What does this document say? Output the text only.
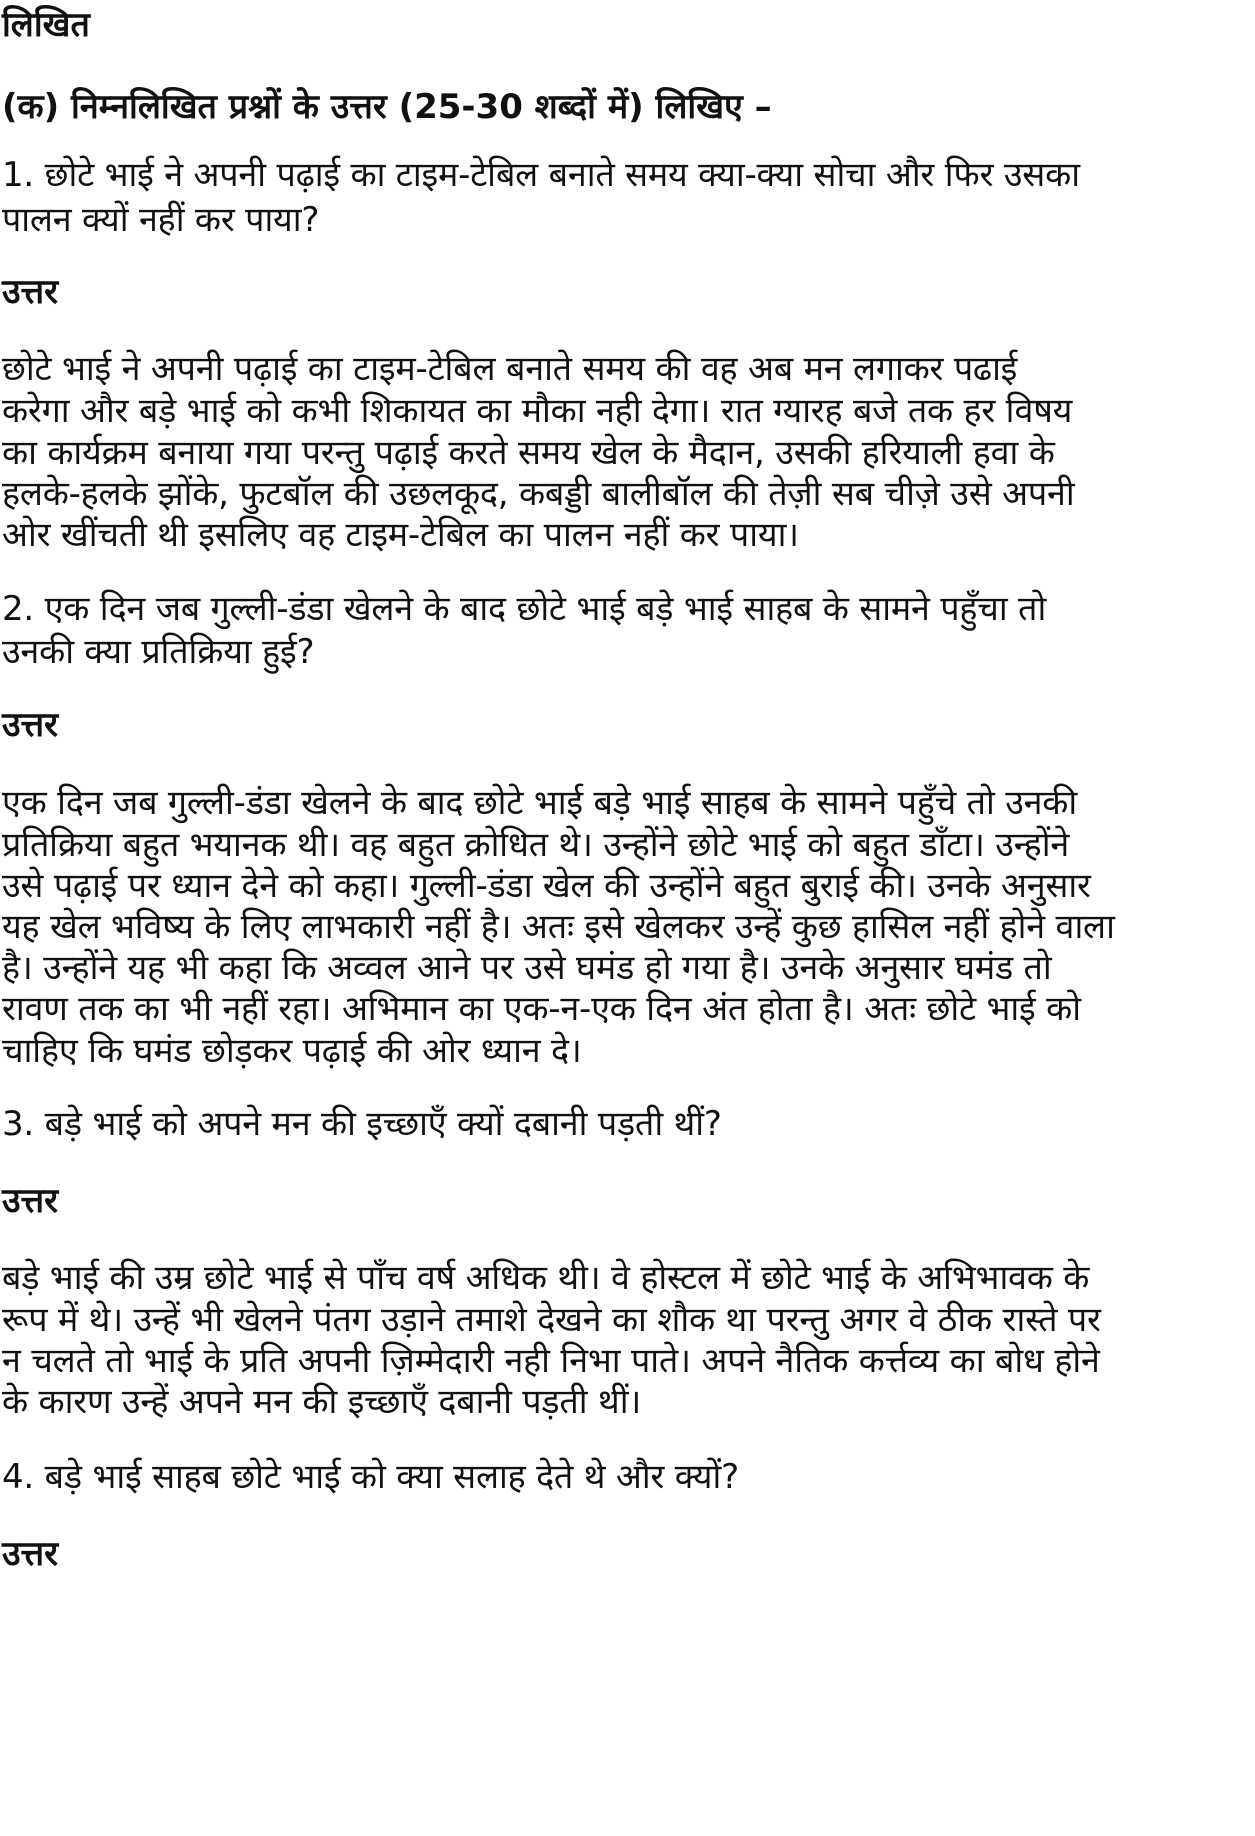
लिखित
(क) निम्नलिखित प्रश्नों के उत्तर (25-30 शब्दों में) लिखिए –
1. छोटे भाई ने अपनी पढ़ाई का टाइम-टेबिल बनाते समय क्या-क्या सोचा और फिर उसका
पालन क्यों नहीं कर पाया?
उत्तर
छोटे भाई ने अपनी पढ़ाई का टाइम-टेबिल बनाते समय की वह अब मन लगाकर पढाई
करेगा और बड़े भाई को कभी शिकायत का मौका नही देगा। रात ग्यारह बजे तक हर विषय
का कार्यक्रम बनाया गया परन्तु पढ़ाई करते समय खेल के मैदान, उसकी हरियाली हवा के
हलके-हलके झोंके, फुटबॉल की उछलकूद, कबड्डी बालीबॉल की तेज़ी सब चीज़े उसे अपनी
ओर खींचती थी इसलिए वह टाइम-टेबिल का पालन नहीं कर पाया।
2. एक दिन जब गुल्ली-डंडा खेलने के बाद छोटे भाई बड़े भाई साहब के सामने पहुँचा तो
उनकी क्या प्रतिक्रिया हुई?
उत्तर
एक दिन जब गुल्ली-डंडा खेलने के बाद छोटे भाई बड़े भाई साहब के सामने पहुँचे तो उनकी
प्रतिक्रिया बहुत भयानक थी। वह बहुत क्रोधित थे। उन्होंने छोटे भाई को बहुत डाँटा। उन्होंने
उसे पढ़ाई पर ध्यान देने को कहा। गुल्ली-डंडा खेल की उन्होंने बहुत बुराई की। उनके अनुसार
यह खेल भविष्य के लिए लाभकारी नहीं है। अतः इसे खेलकर उन्हें कुछ हासिल नहीं होने वाला
है। उन्होंने यह भी कहा कि अव्वल आने पर उसे घमंड हो गया है। उनके अनुसार घमंड तो
रावण तक का भी नहीं रहा। अभिमान का एक-न-एक दिन अंत होता है। अतः छोटे भाई को
चाहिए कि घमंड छोड़कर पढ़ाई की ओर ध्यान दे।
3. बड़े भाई को अपने मन की इच्छाएँ क्यों दबानी पड़ती थीं?
उत्तर
बड़े भाई की उम्र छोटे भाई से पाँच वर्ष अधिक थी। वे होस्टल में छोटे भाई के अभिभावक के
रूप में थे। उन्हें भी खेलने पंतग उड़ाने तमाशे देखने का शौक था परन्तु अगर वे ठीक रास्ते पर
न चलते तो भाई के प्रति अपनी ज़िम्मेदारी नही निभा पाते। अपने नैतिक कर्त्तव्य का बोध होने
के कारण उन्हें अपने मन की इच्छाएँ दबानी पड़ती थीं।
4. बड़े भाई साहब छोटे भाई को क्या सलाह देते थे और क्यों?
उत्तर
